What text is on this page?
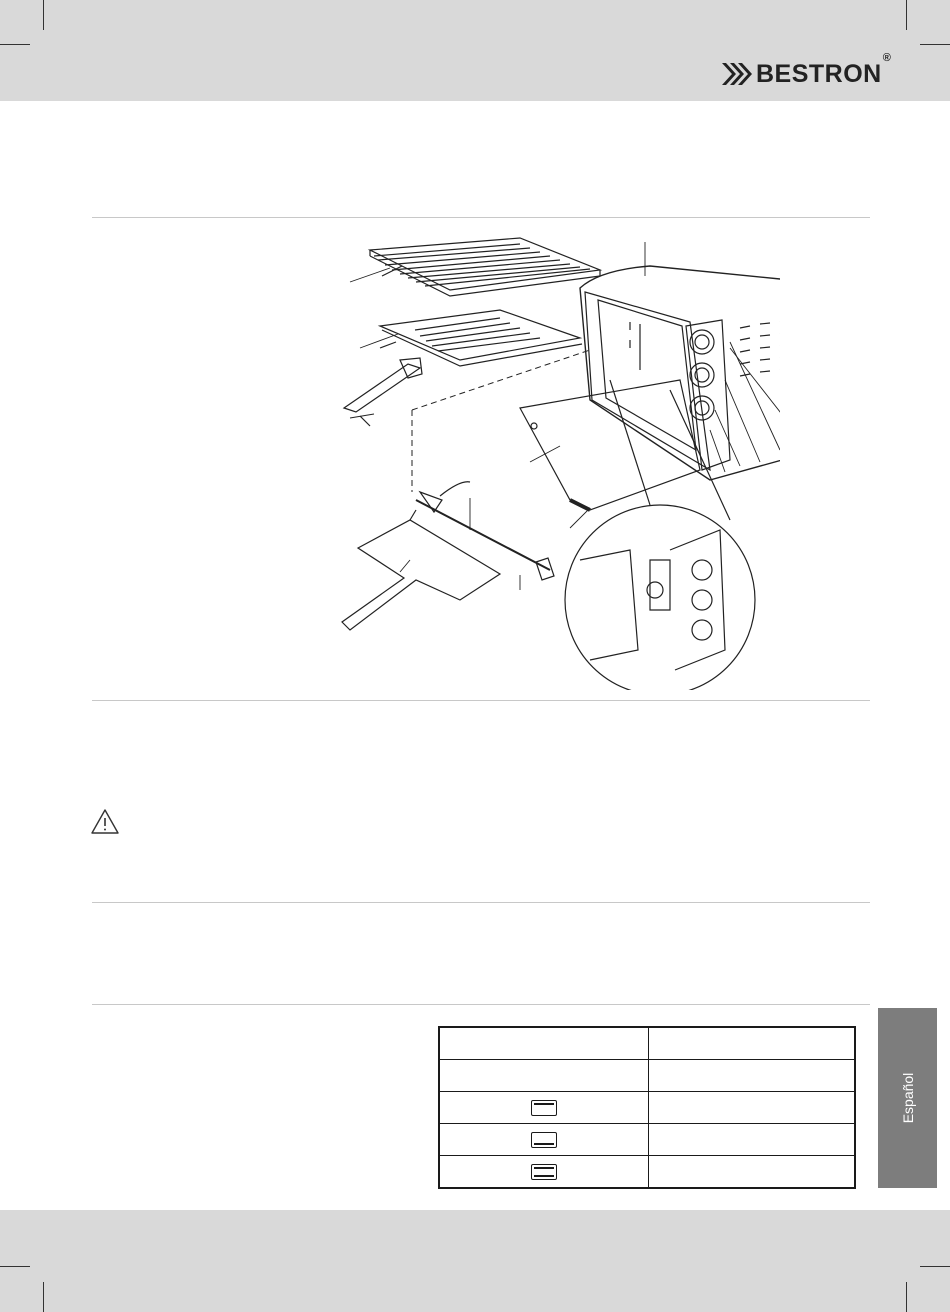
BESTRON®
Español
